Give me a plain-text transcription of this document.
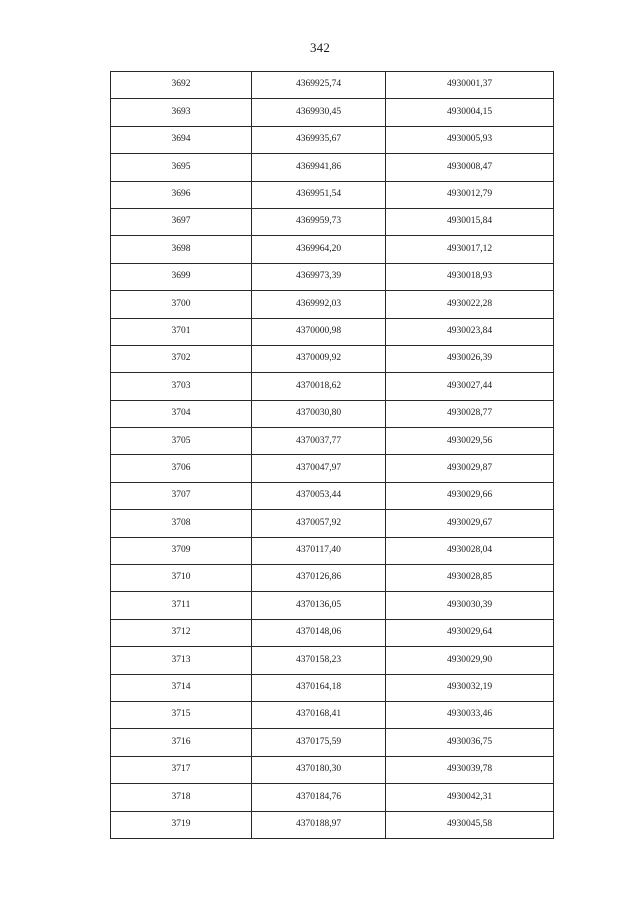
342
3692	4369925,74	4930001,37
3693	4369930,45	4930004,15
3694	4369935,67	4930005,93
3695	4369941,86	4930008,47
3696	4369951,54	4930012,79
3697	4369959,73	4930015,84
3698	4369964,20	4930017,12
3699	4369973,39	4930018,93
3700	4369992,03	4930022,28
3701	4370000,98	4930023,84
3702	4370009,92	4930026,39
3703	4370018,62	4930027,44
3704	4370030,80	4930028,77
3705	4370037,77	4930029,56
3706	4370047,97	4930029,87
3707	4370053,44	4930029,66
3708	4370057,92	4930029,67
3709	4370117,40	4930028,04
3710	4370126,86	4930028,85
3711	4370136,05	4930030,39
3712	4370148,06	4930029,64
3713	4370158,23	4930029,90
3714	4370164,18	4930032,19
3715	4370168,41	4930033,46
3716	4370175,59	4930036,75
3717	4370180,30	4930039,78
3718	4370184,76	4930042,31
3719	4370188,97	4930045,58
